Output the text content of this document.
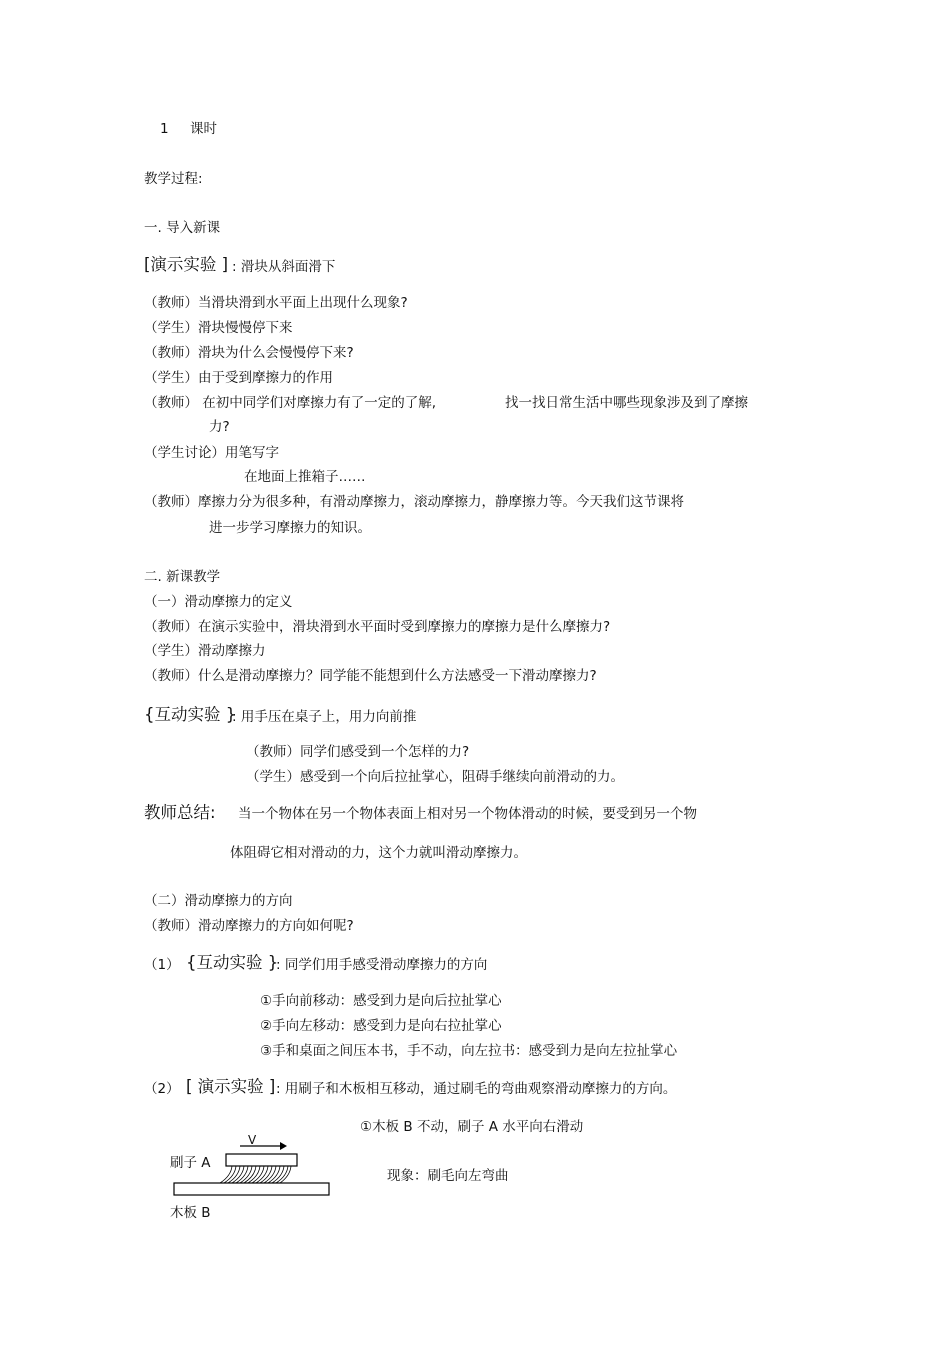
1 课时
教学过程:
一. 导入新课
[演示实验 ] : 滑块从斜面滑下
（教师）当滑块滑到水平面上出现什么现象?
（学生）滑块慢慢停下来
（教师）滑块为什么会慢慢停下来?
（学生）由于受到摩擦力的作用
（教师） 在初中同学们对摩擦力有了一定的了解,	找一找日常生活中哪些现象涉及到了摩擦
力?
（学生讨论）用笔写字
在地面上推箱子……
（教师）摩擦力分为很多种，有滑动摩擦力，滚动摩擦力，静摩擦力等。今天我们这节课将
进一步学习摩擦力的知识。
二. 新课教学
（一）滑动摩擦力的定义
（教师）在演示实验中，滑块滑到水平面时受到摩擦力的摩擦力是什么摩擦力?
（学生）滑动摩擦力
（教师）什么是滑动摩擦力？同学能不能想到什么方法感受一下滑动摩擦力?
{互动实验 }
: 用手压在桌子上，用力向前推
（教师）同学们感受到一个怎样的力?
（学生）感受到一个向后拉扯掌心，阻碍手继续向前滑动的力。
教师总结: 当一个物体在另一个物体表面上相对另一个物体滑动的时候，要受到另一个物
体阻碍它相对滑动的力，这个力就叫滑动摩擦力。
（二）滑动摩擦力的方向
（教师）滑动摩擦力的方向如何呢?
（1） {互动实验 }
: 同学们用手感受滑动摩擦力的方向
①手向前移动：感受到力是向后拉扯掌心
②手向左移动：感受到力是向右拉扯掌心
③手和桌面之间压本书，手不动，向左拉书：感受到力是向左拉扯掌心
（2） [ 演示实验 ] : 用刷子和木板相互移动，通过刷毛的弯曲观察滑动摩擦力的方向。
①木板 B 不动，刷子 A 水平向右滑动
现象：刷毛向左弯曲
刷子 A
木板 B
V
